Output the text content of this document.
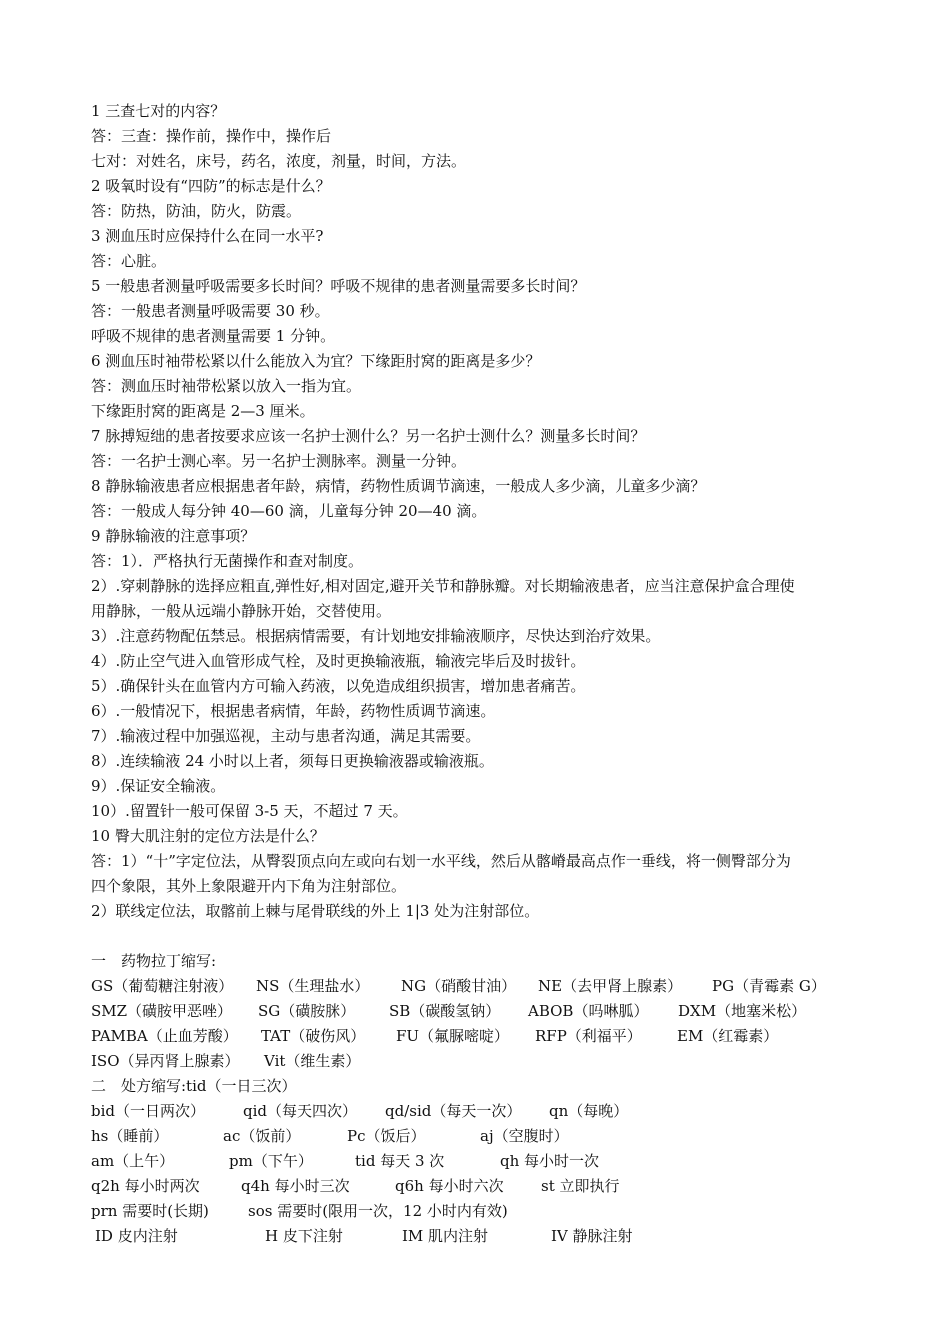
1 三查七对的内容？
答：三查：操作前，操作中，操作后
七对：对姓名，床号，药名，浓度，剂量，时间，方法。
2 吸氧时设有“四防”的标志是什么？
答：防热，防油，防火，防震。
3 测血压时应保持什么在同一水平?
答：心脏。
5 一般患者测量呼吸需要多长时间？呼吸不规律的患者测量需要多长时间？
答：一般患者测量呼吸需要 30 秒。
呼吸不规律的患者测量需要 1 分钟。
6 测血压时袖带松紧以什么能放入为宜？下缘距肘窝的距离是多少？
答：测血压时袖带松紧以放入一指为宜。
下缘距肘窝的距离是 2—3 厘米。
7 脉搏短绌的患者按要求应该一名护士测什么？另一名护士测什么？测量多长时间？
答：一名护士测心率。另一名护士测脉率。测量一分钟。
8 静脉输液患者应根据患者年龄，病情，药物性质调节滴速，一般成人多少滴，儿童多少滴？
答：一般成人每分钟 40—60 滴，儿童每分钟 20—40 滴。
9 静脉输液的注意事项？
答：1）．严格执行无菌操作和查对制度。
2）.穿刺静脉的选择应粗直,弹性好,相对固定,避开关节和静脉瓣。对长期输液患者，应当注意保护盒合理使
用静脉，一般从远端小静脉开始，交替使用。
3）.注意药物配伍禁忌。根据病情需要，有计划地安排输液顺序，尽快达到治疗效果。
4）.防止空气进入血管形成气栓，及时更换输液瓶，输液完毕后及时拔针。
5）.确保针头在血管内方可输入药液，以免造成组织损害，增加患者痛苦。
6）.一般情况下，根据患者病情，年龄，药物性质调节滴速。
7）.输液过程中加强巡视，主动与患者沟通，满足其需要。
8）.连续输液 24 小时以上者，须每日更换输液器或输液瓶。
9）.保证安全输液。
10）.留置针一般可保留 3-5 天，不超过 7 天。
10 臀大肌注射的定位方法是什么？
答：1）“十”字定位法，从臀裂顶点向左或向右划一水平线，然后从髂嵴最高点作一垂线，将一侧臀部分为
四个象限，其外上象限避开内下角为注射部位。
2）联线定位法，取髂前上棘与尾骨联线的外上 1|3 处为注射部位。
一　药物拉丁缩写:
GS（葡萄糖注射液）	NS（生理盐水）	NG（硝酸甘油）	NE（去甲肾上腺素）	PG（青霉素 G）
SMZ（磺胺甲恶唑）	SG（磺胺脒）	SB（碳酸氢钠）	ABOB（吗啉胍）	DXM（地塞米松）
PAMBA（止血芳酸）	TAT（破伤风）	FU（氟脲嘧啶）	RFP（利福平）	EM（红霉素）
ISO（异丙肾上腺素）	Vit（维生素）
二　处方缩写:tid（一日三次）
bid（一日两次）	qid（每天四次）	qd/sid（每天一次）	qn（每晚）
hs（睡前）	ac（饭前）	Pc（饭后）	aj（空腹时）
am（上午）	pm（下午）	tid 每天 3 次	qh 每小时一次
q2h 每小时两次	q4h 每小时三次	q6h 每小时六次	st 立即执行
prn 需要时(长期)	sos 需要时(限用一次，12 小时内有效)
ID 皮内注射	H 皮下注射	IM 肌内注射	IV 静脉注射
